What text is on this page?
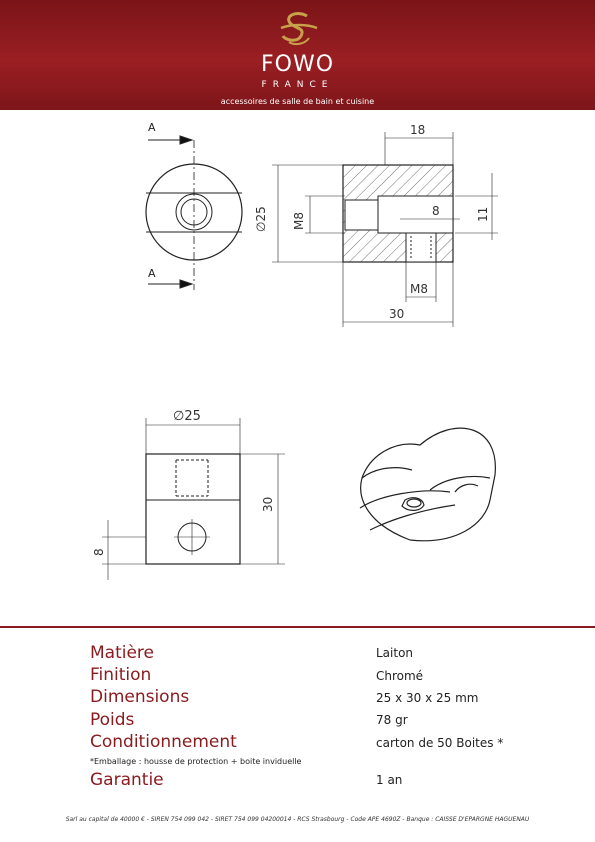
FOWO
FRANCE
accessoires de salle de bain et cuisine
A
A
18
∅25 M8
8	11
M8
30
∅25
30
8
Matière	Laiton
Finition	Chromé
Dimensions	25 x 30 x 25 mm
Poids	78 gr
Conditionnement	carton de 50 Boites *
*Emballage : housse de protection + boite inviduelle
Garantie	1 an
Sarl au capital de 40000 € - SIREN 754 099 042 - SIRET 754 099 04200014 - RCS Strasbourg - Code APE 4690Z - Banque : CAISSE D'EPARGNE HAGUENAU
